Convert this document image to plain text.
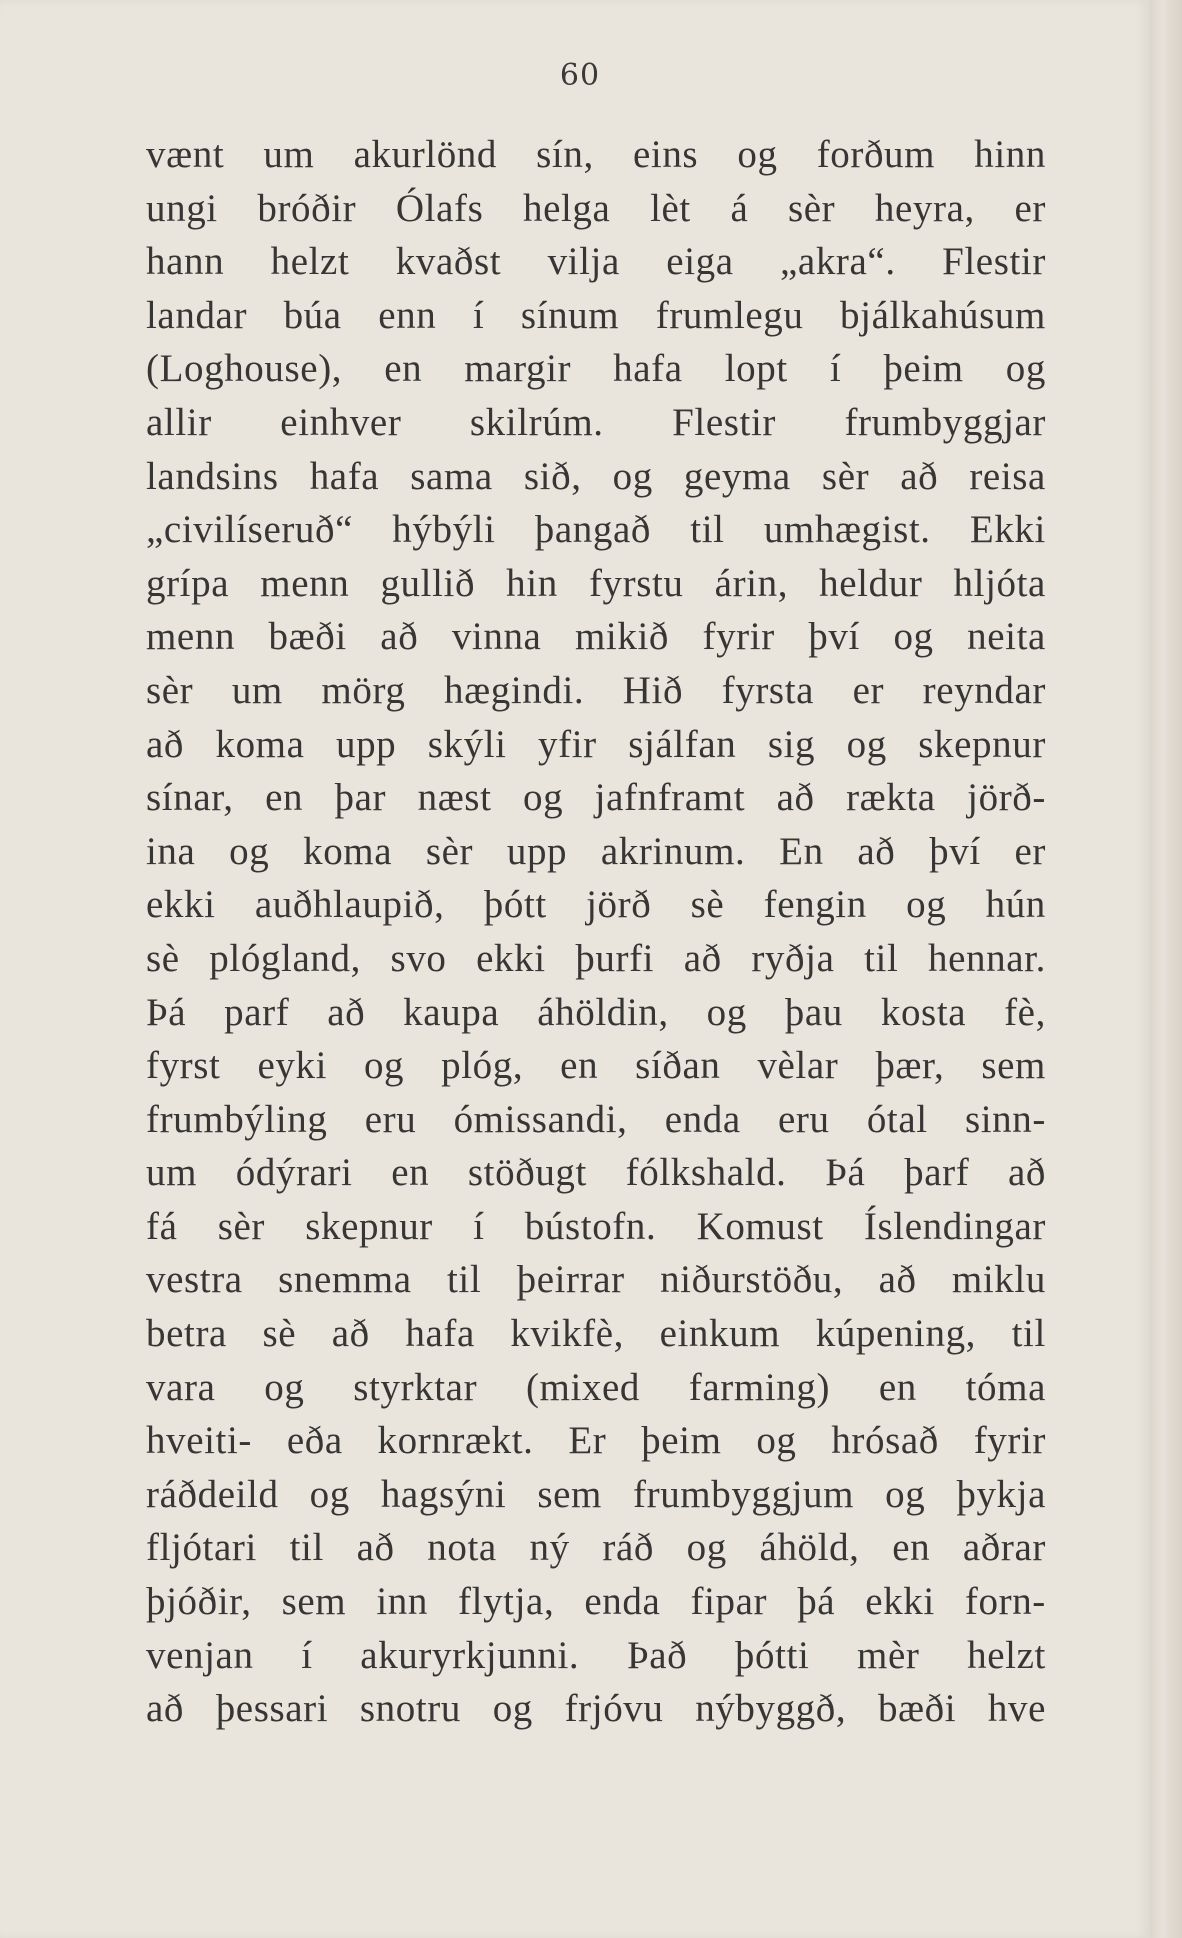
60
vænt um akurlönd sín, eins og forðum hinn
ungi bróðir Ólafs helga lèt á sèr heyra, er
hann helzt kvaðst vilja eiga „akra“. Flestir
landar búa enn í sínum frumlegu bjálkahúsum
(Loghouse), en margir hafa lopt í þeim og
allir einhver skilrúm. Flestir frumbyggjar
landsins hafa sama sið, og geyma sèr að reisa
„civilíseruð“ hýbýli þangað til umhægist. Ekki
grípa menn gullið hin fyrstu árin, heldur hljóta
menn bæði að vinna mikið fyrir því og neita
sèr um mörg hægindi. Hið fyrsta er reyndar
að koma upp skýli yfir sjálfan sig og skepnur
sínar, en þar næst og jafnframt að rækta jörð-
ina og koma sèr upp akrinum. En að því er
ekki auðhlaupið, þótt jörð sè fengin og hún
sè plógland, svo ekki þurfi að ryðja til hennar.
Þá parf að kaupa áhöldin, og þau kosta fè,
fyrst eyki og plóg, en síðan vèlar þær, sem
frumbýling eru ómissandi, enda eru ótal sinn-
um ódýrari en stöðugt fólkshald. Þá þarf að
fá sèr skepnur í bústofn. Komust Íslendingar
vestra snemma til þeirrar niðurstöðu, að miklu
betra sè að hafa kvikfè, einkum kúpening, til
vara og styrktar (mixed farming) en tóma
hveiti- eða kornrækt. Er þeim og hrósað fyrir
ráðdeild og hagsýni sem frumbyggjum og þykja
fljótari til að nota ný ráð og áhöld, en aðrar
þjóðir, sem inn flytja, enda fipar þá ekki forn-
venjan í akuryrkjunni. Það þótti mèr helzt
að þessari snotru og frjóvu nýbyggð, bæði hve
